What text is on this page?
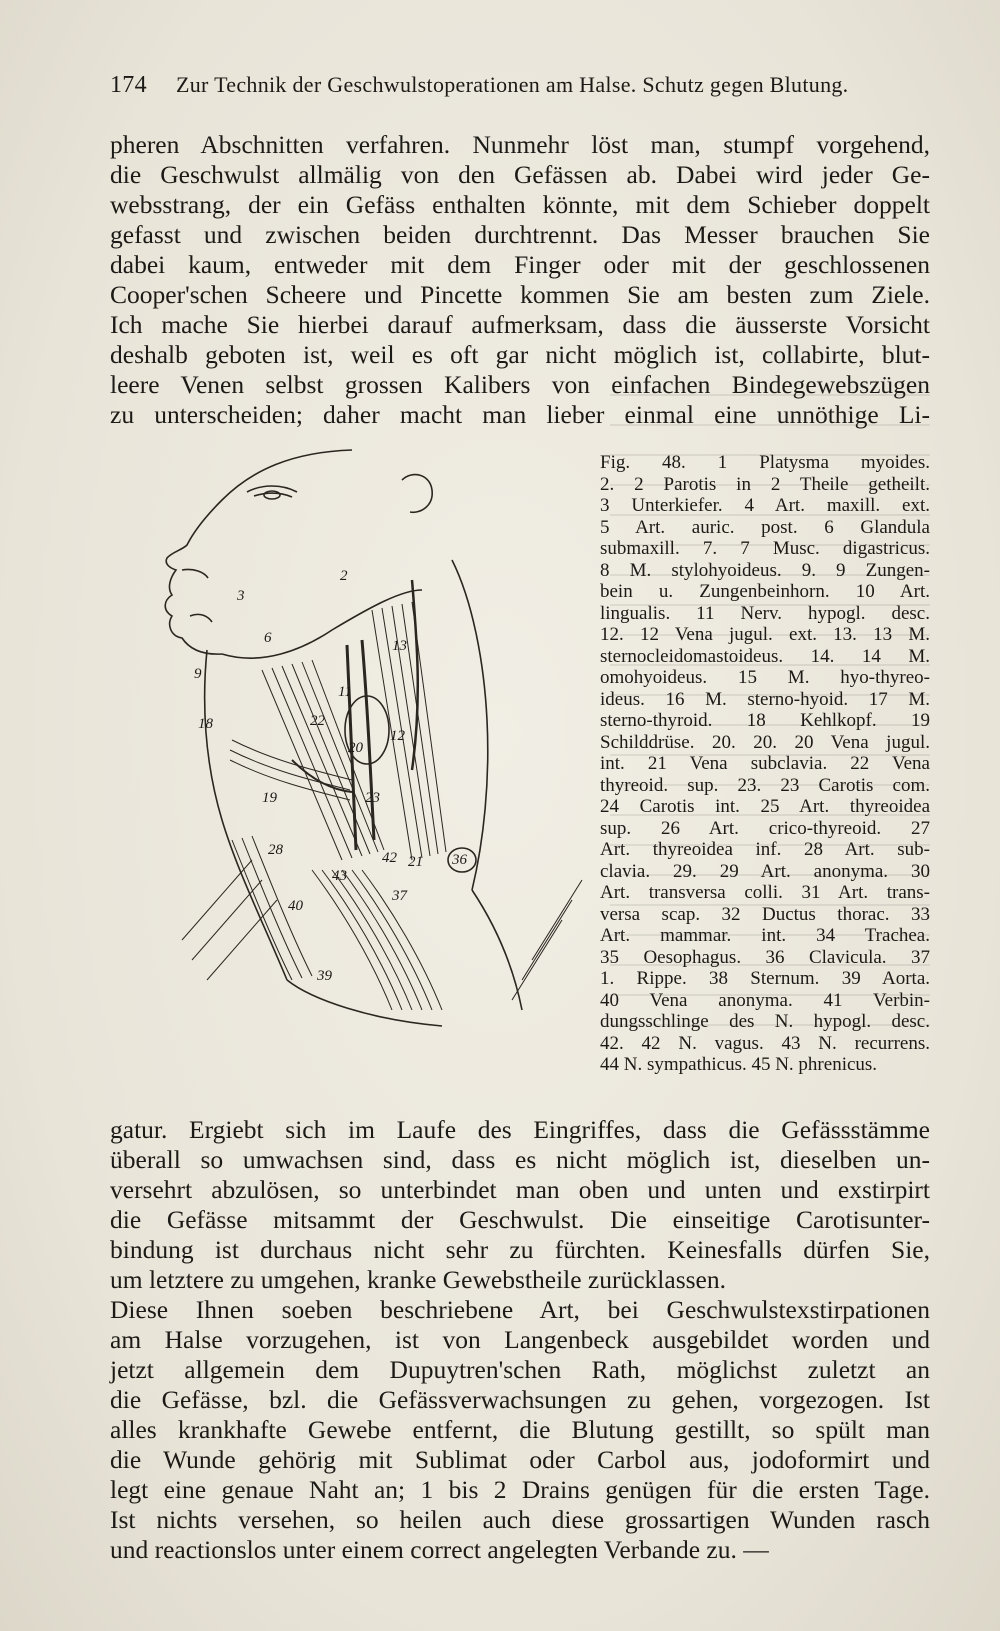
174 Zur Technik der Geschwulstoperationen am Halse. Schutz gegen Blutung.
pheren Abschnitten verfahren. Nunmehr löst man, stumpf vorgehend,
die Geschwulst allmälig von den Gefässen ab. Dabei wird jeder Ge-
websstrang, der ein Gefäss enthalten könnte, mit dem Schieber doppelt
gefasst und zwischen beiden durchtrennt. Das Messer brauchen Sie
dabei kaum, entweder mit dem Finger oder mit der geschlossenen
Cooper'schen Scheere und Pincette kommen Sie am besten zum Ziele.
Ich mache Sie hierbei darauf aufmerksam, dass die äusserste Vorsicht
deshalb geboten ist, weil es oft gar nicht möglich ist, collabirte, blut-
leere Venen selbst grossen Kalibers von einfachen Bindegewebszügen
zu unterscheiden; daher macht man lieber einmal eine unnöthige Li-
3
6
2
9
11
20
22
18
19	23
28
40
42
37
21 36
39
43
13
12
Fig. 48. 1 Platysma myoides.
2. 2 Parotis in 2 Theile getheilt.
3 Unterkiefer. 4 Art. maxill. ext.
5 Art. auric. post. 6 Glandula
submaxill. 7. 7 Musc. digastricus.
8 M. stylohyoideus. 9. 9 Zungen-
bein u. Zungenbeinhorn. 10 Art.
lingualis. 11 Nerv. hypogl. desc.
12. 12 Vena jugul. ext. 13. 13 M.
sternocleidomastoideus. 14. 14 M.
omohyoideus. 15 M. hyo-thyreo-
ideus. 16 M. sterno-hyoid. 17 M.
sterno-thyroid. 18 Kehlkopf. 19
Schilddrüse. 20. 20. 20 Vena jugul.
int. 21 Vena subclavia. 22 Vena
thyreoid. sup. 23. 23 Carotis com.
24 Carotis int. 25 Art. thyreoidea
sup. 26 Art. crico-thyreoid. 27
Art. thyreoidea inf. 28 Art. sub-
clavia. 29. 29 Art. anonyma. 30
Art. transversa colli. 31 Art. trans-
versa scap. 32 Ductus thorac. 33
Art. mammar. int. 34 Trachea.
35 Oesophagus. 36 Clavicula. 37
1. Rippe. 38 Sternum. 39 Aorta.
40 Vena anonyma. 41 Verbin-
dungsschlinge des N. hypogl. desc.
42. 42 N. vagus. 43 N. recurrens.
44 N. sympathicus. 45 N. phrenicus.
gatur. Ergiebt sich im Laufe des Eingriffes, dass die Gefässstämme
überall so umwachsen sind, dass es nicht möglich ist, dieselben un-
versehrt abzulösen, so unterbindet man oben und unten und exstirpirt
die Gefässe mitsammt der Geschwulst. Die einseitige Carotisunter-
bindung ist durchaus nicht sehr zu fürchten. Keinesfalls dürfen Sie,
um letztere zu umgehen, kranke Gewebstheile zurücklassen.
Diese Ihnen soeben beschriebene Art, bei Geschwulstexstirpationen
am Halse vorzugehen, ist von Langenbeck ausgebildet worden und
jetzt allgemein dem Dupuytren'schen Rath, möglichst zuletzt an
die Gefässe, bzl. die Gefässverwachsungen zu gehen, vorgezogen. Ist
alles krankhafte Gewebe entfernt, die Blutung gestillt, so spült man
die Wunde gehörig mit Sublimat oder Carbol aus, jodoformirt und
legt eine genaue Naht an; 1 bis 2 Drains genügen für die ersten Tage.
Ist nichts versehen, so heilen auch diese grossartigen Wunden rasch
und reactionslos unter einem correct angelegten Verbande zu. —
